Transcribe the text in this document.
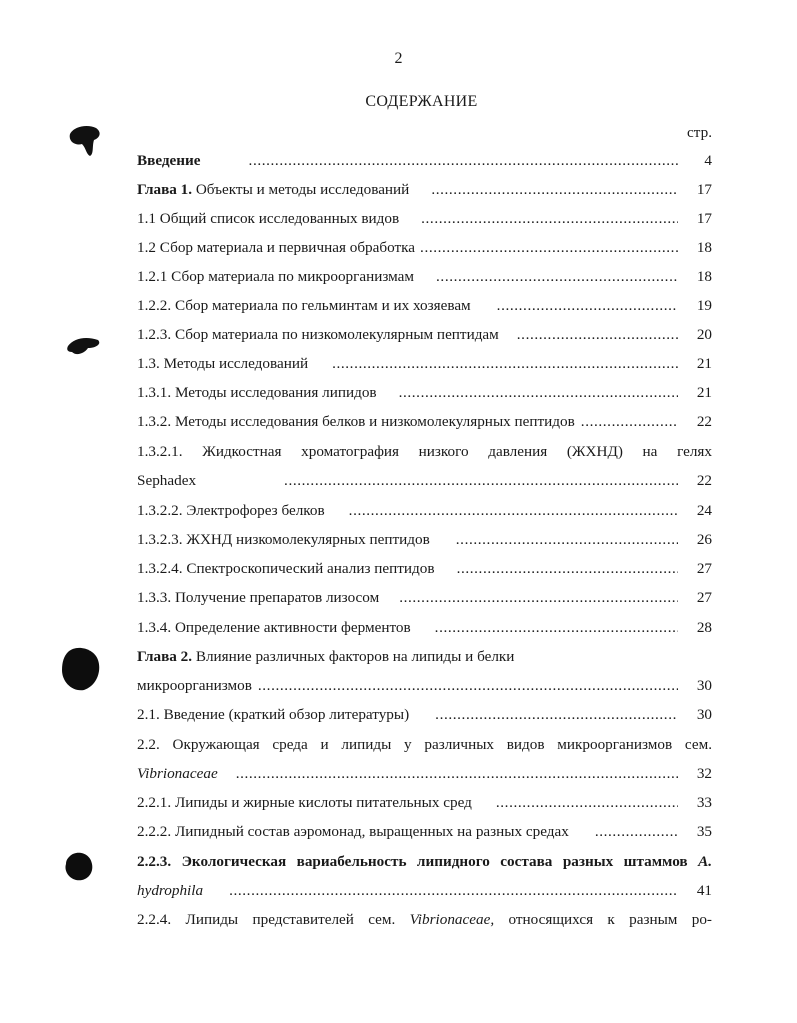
2
СОДЕРЖАНИЕ
стр.
Введение .....	4
Глава 1. Объекты и методы исследований .....	17
1.1 Общий список исследованных видов .....	17
1.2 Сбор материала и первичная обработка .....	18
1.2.1 Сбор материала по микроорганизмам .....	18
1.2.2. Сбор материала по гельминтам и их хозяевам .....	19
1.2.3. Сбор материала по низкомолекулярным пептидам .....	20
1.3. Методы исследований .....	21
1.3.1. Методы исследования липидов .....	21
1.3.2. Методы исследования белков и низкомолекулярных пептидов .....	22
1.3.2.1. Жидкостная хроматография низкого давления (ЖХНД) на гелях
Sephadex .....	22
1.3.2.2. Электрофорез белков .....	24
1.3.2.3. ЖХНД низкомолекулярных пептидов .....	26
1.3.2.4. Спектроскопический анализ пептидов .....	27
1.3.3. Получение препаратов лизосом .....	27
1.3.4. Определение активности ферментов .....	28
Глава 2. Влияние различных факторов на липиды и белки
микроорганизмов .....	30
2.1. Введение (краткий обзор литературы) .....	30
2.2. Окружающая среда и липиды у различных видов микроорганизмов сем.
Vibrionaceae .....	32
2.2.1. Липиды и жирные кислоты питательных сред .....	33
2.2.2. Липидный состав аэромонад, выращенных на разных средах .....	35
2.2.3. Экологическая вариабельность липидного состава разных штаммов А.
hydrophila .....	41
2.2.4. Липиды представителей сем. Vibrionaceae, относящихся к разным ро-
